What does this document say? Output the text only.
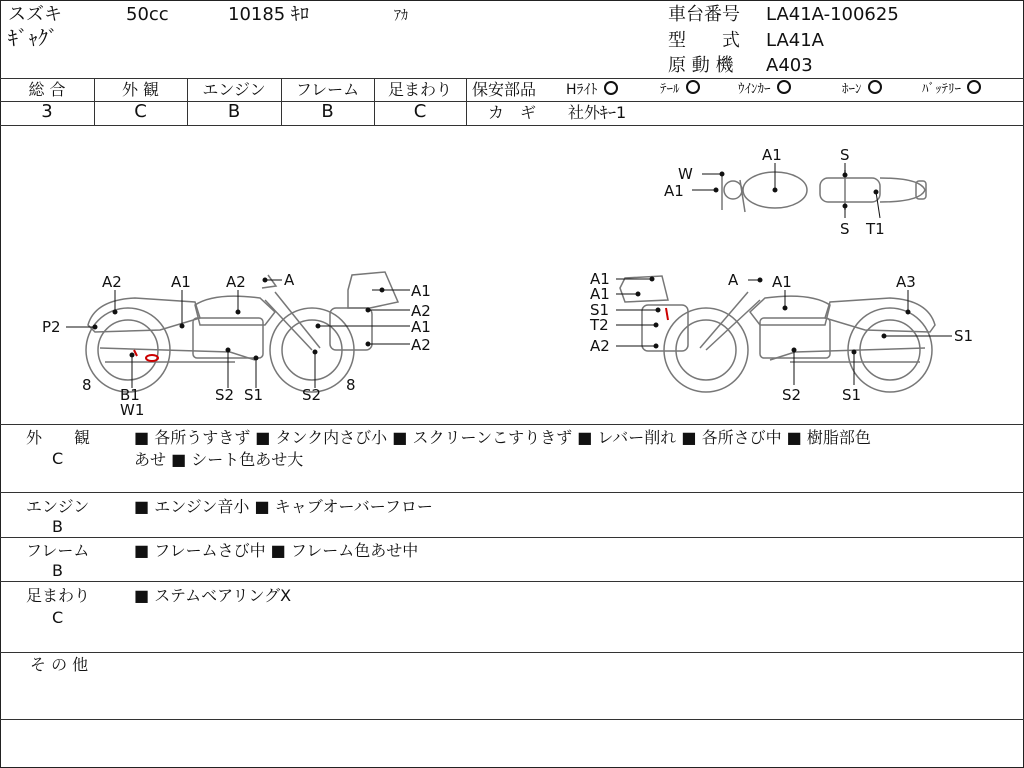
スズキ	50cc	10185 ｷﾛ	ｱｶ
ｷﾞｬｸﾞ
車台番号 LA41A-100625
型　　式 LA41A
原 動 機 A403
総 合	外 観	エンジン	フレーム	足まわり
3	C	B	B	C
保安部品 Hﾗｲﾄ	ﾃｰﾙ	ｳｲﾝｶｰ	ﾎｰﾝ	ﾊﾞｯﾃﾘｰ
カ　ギ 社外ｷｰ1
W
A1
A1	S
S T1
A2	A1 A2	A
A1
A2
A1
A2
P2
8
B1
W1
S2 S1	S2
8
A1
A1
S1
T2
A2
A A1	A3
S1
S2	S1
外　　観
C
■ 各所うすきず ■ タンク内さび小 ■ スクリーンこすりきず ■ レバー削れ ■ 各所さび中 ■ 樹脂部色
あせ ■ シート色あせ大
エンジン
B
■ エンジン音小 ■ キャブオーバーフロー
フレーム
B
■ フレームさび中 ■ フレーム色あせ中
足まわり
C
■ ステムベアリングX
そ の 他
